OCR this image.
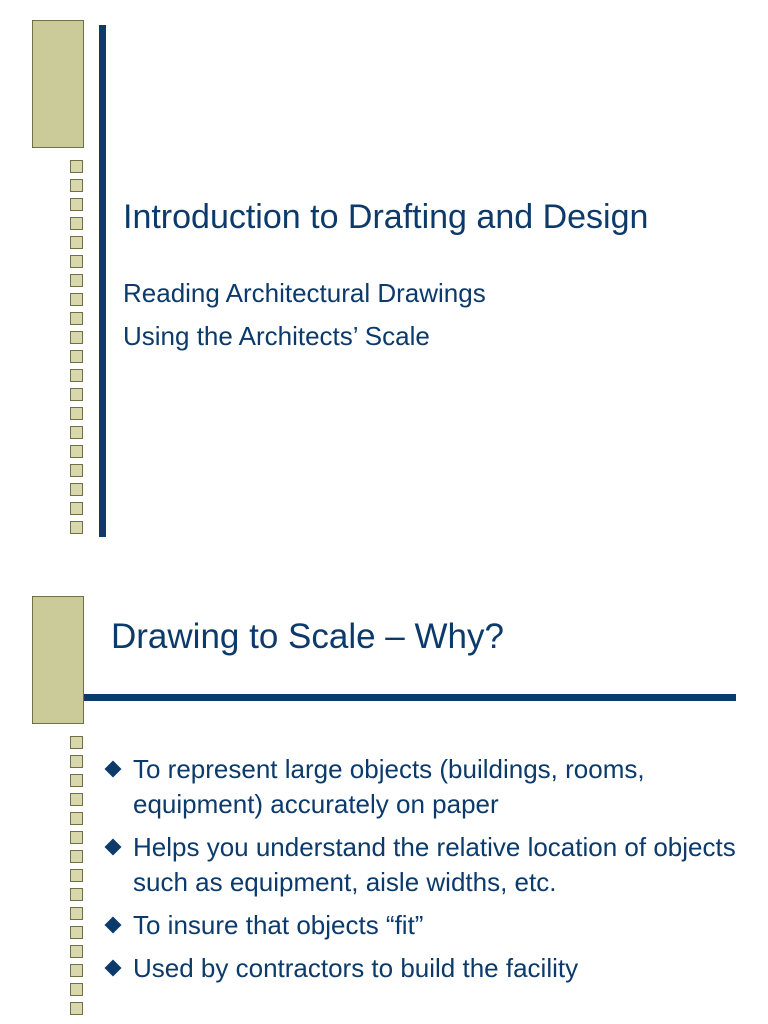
Introduction to Drafting and Design
Reading Architectural Drawings
Using the Architects’ Scale
Drawing to Scale – Why?
To represent large objects (buildings, rooms, equipment) accurately on paper
Helps you understand the relative location of objects such as equipment, aisle widths, etc.
To insure that objects “fit”
Used by contractors to build the facility
